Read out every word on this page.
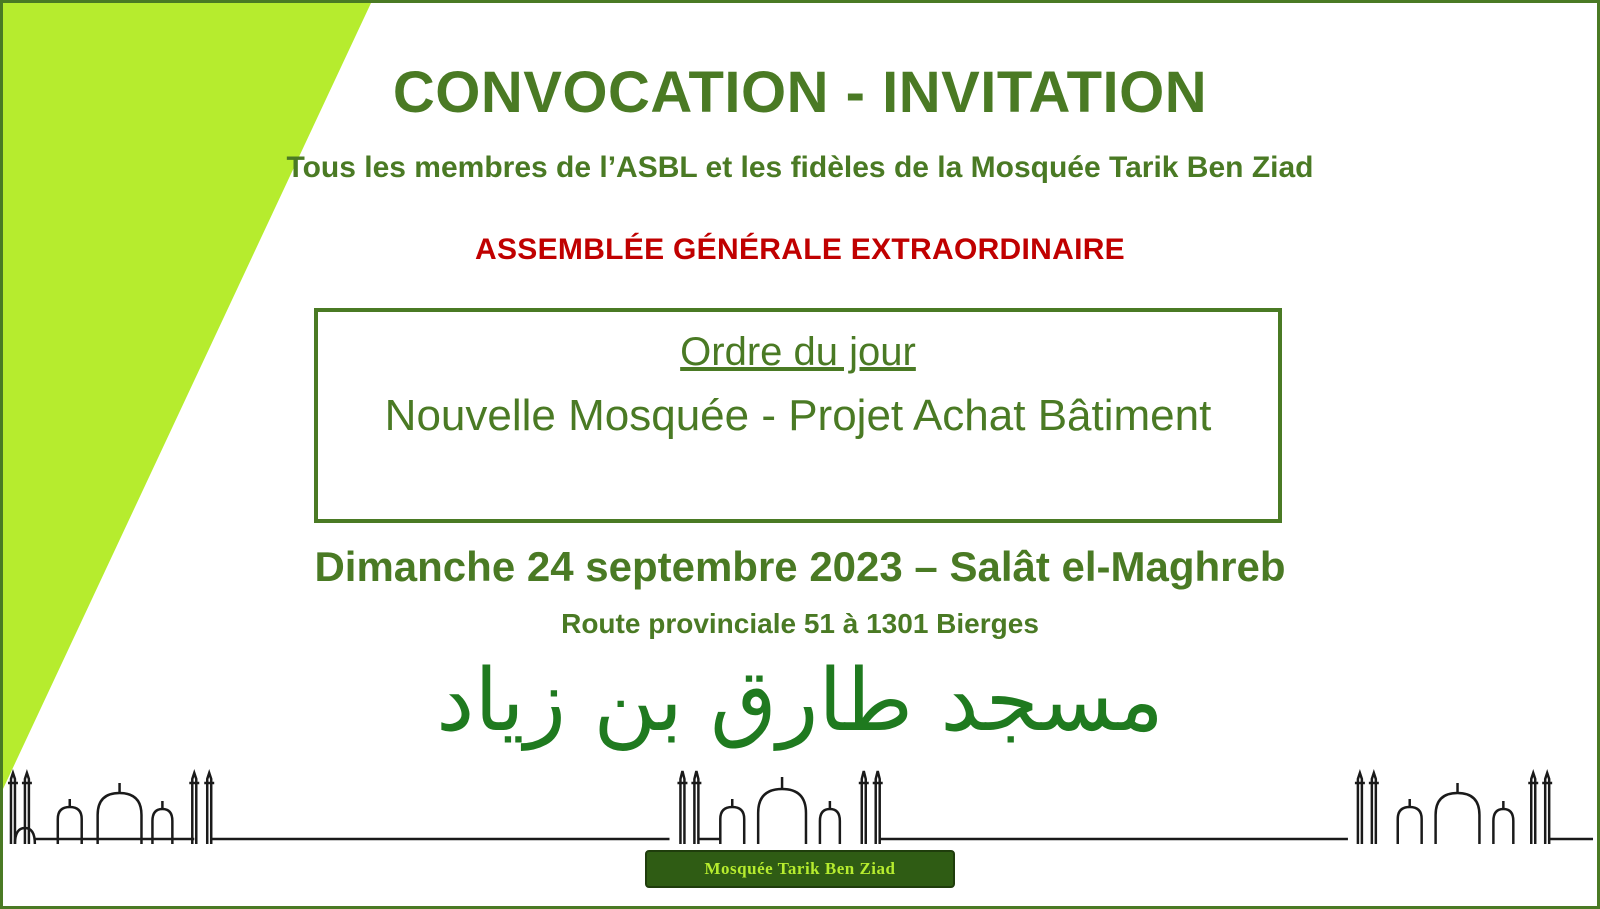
CONVOCATION - INVITATION
Tous les membres de l’ASBL et les fidèles de la Mosquée Tarik Ben Ziad
ASSEMBLÉE GÉNÉRALE EXTRAORDINAIRE
Ordre du jour
Nouvelle Mosquée - Projet Achat Bâtiment
Dimanche 24 septembre 2023 – Salât el-Maghreb
Route provinciale 51 à 1301 Bierges
مسجد طارق بن زياد
Mosquée Tarik Ben Ziad
